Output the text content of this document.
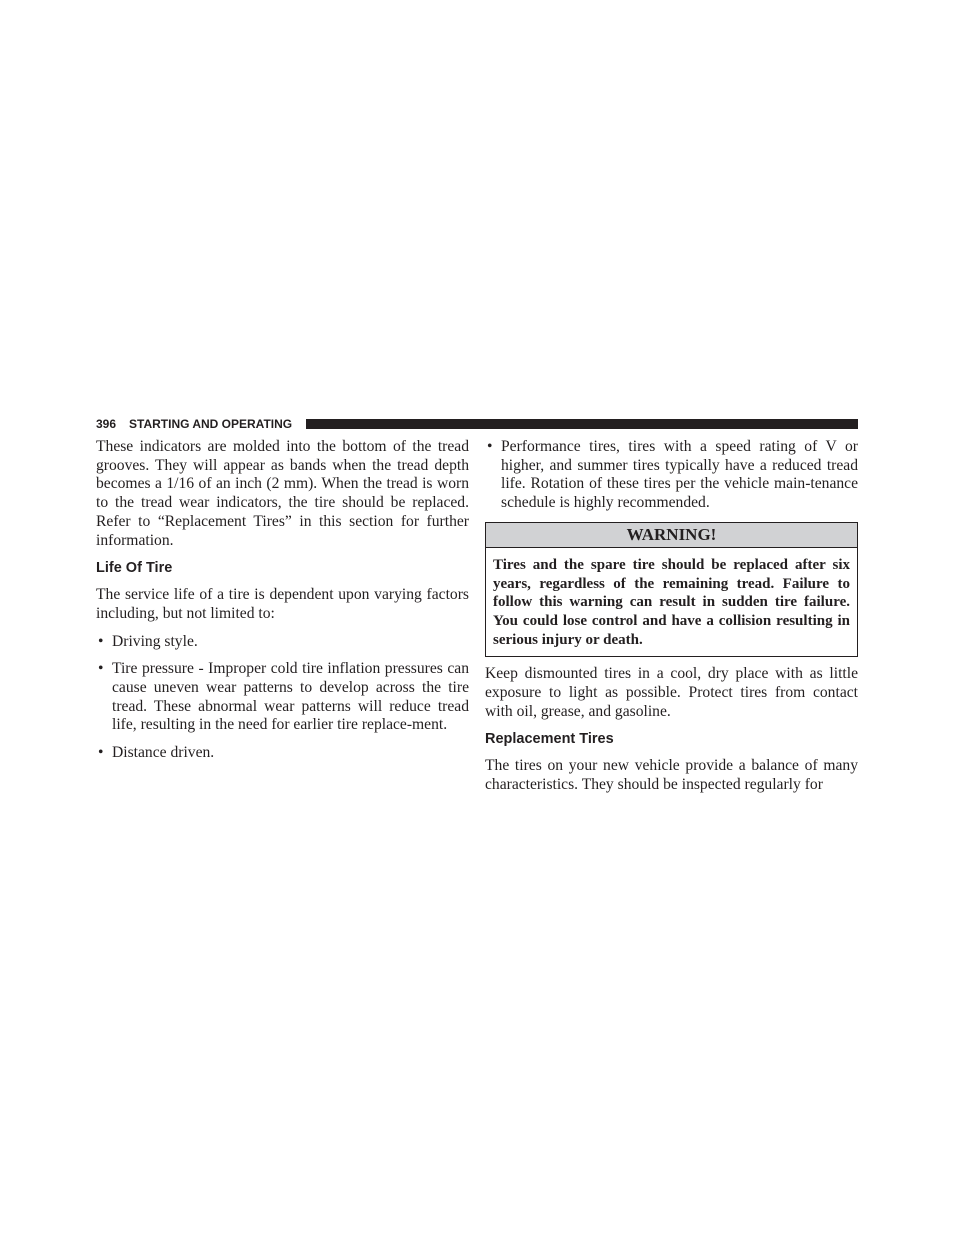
396 STARTING AND OPERATING

These indicators are molded into the bottom of the tread grooves. They will appear as bands when the tread depth becomes a 1/16 of an inch (2 mm). When the tread is worn to the tread wear indicators, the tire should be replaced. Refer to “Replacement Tires” in this section for further information.

Life Of Tire

The service life of a tire is dependent upon varying factors including, but not limited to:

• Driving style.
• Tire pressure - Improper cold tire inflation pressures can cause uneven wear patterns to develop across the tire tread. These abnormal wear patterns will reduce tread life, resulting in the need for earlier tire replace-ment.
• Distance driven.
• Performance tires, tires with a speed rating of V or higher, and summer tires typically have a reduced tread life. Rotation of these tires per the vehicle main-tenance schedule is highly recommended.
WARNING!

Tires and the spare tire should be replaced after six years, regardless of the remaining tread. Failure to follow this warning can result in sudden tire failure. You could lose control and have a collision resulting in serious injury or death.

Keep dismounted tires in a cool, dry place with as little exposure to light as possible. Protect tires from contact with oil, grease, and gasoline.

Replacement Tires

The tires on your new vehicle provide a balance of many characteristics. They should be inspected regularly for
